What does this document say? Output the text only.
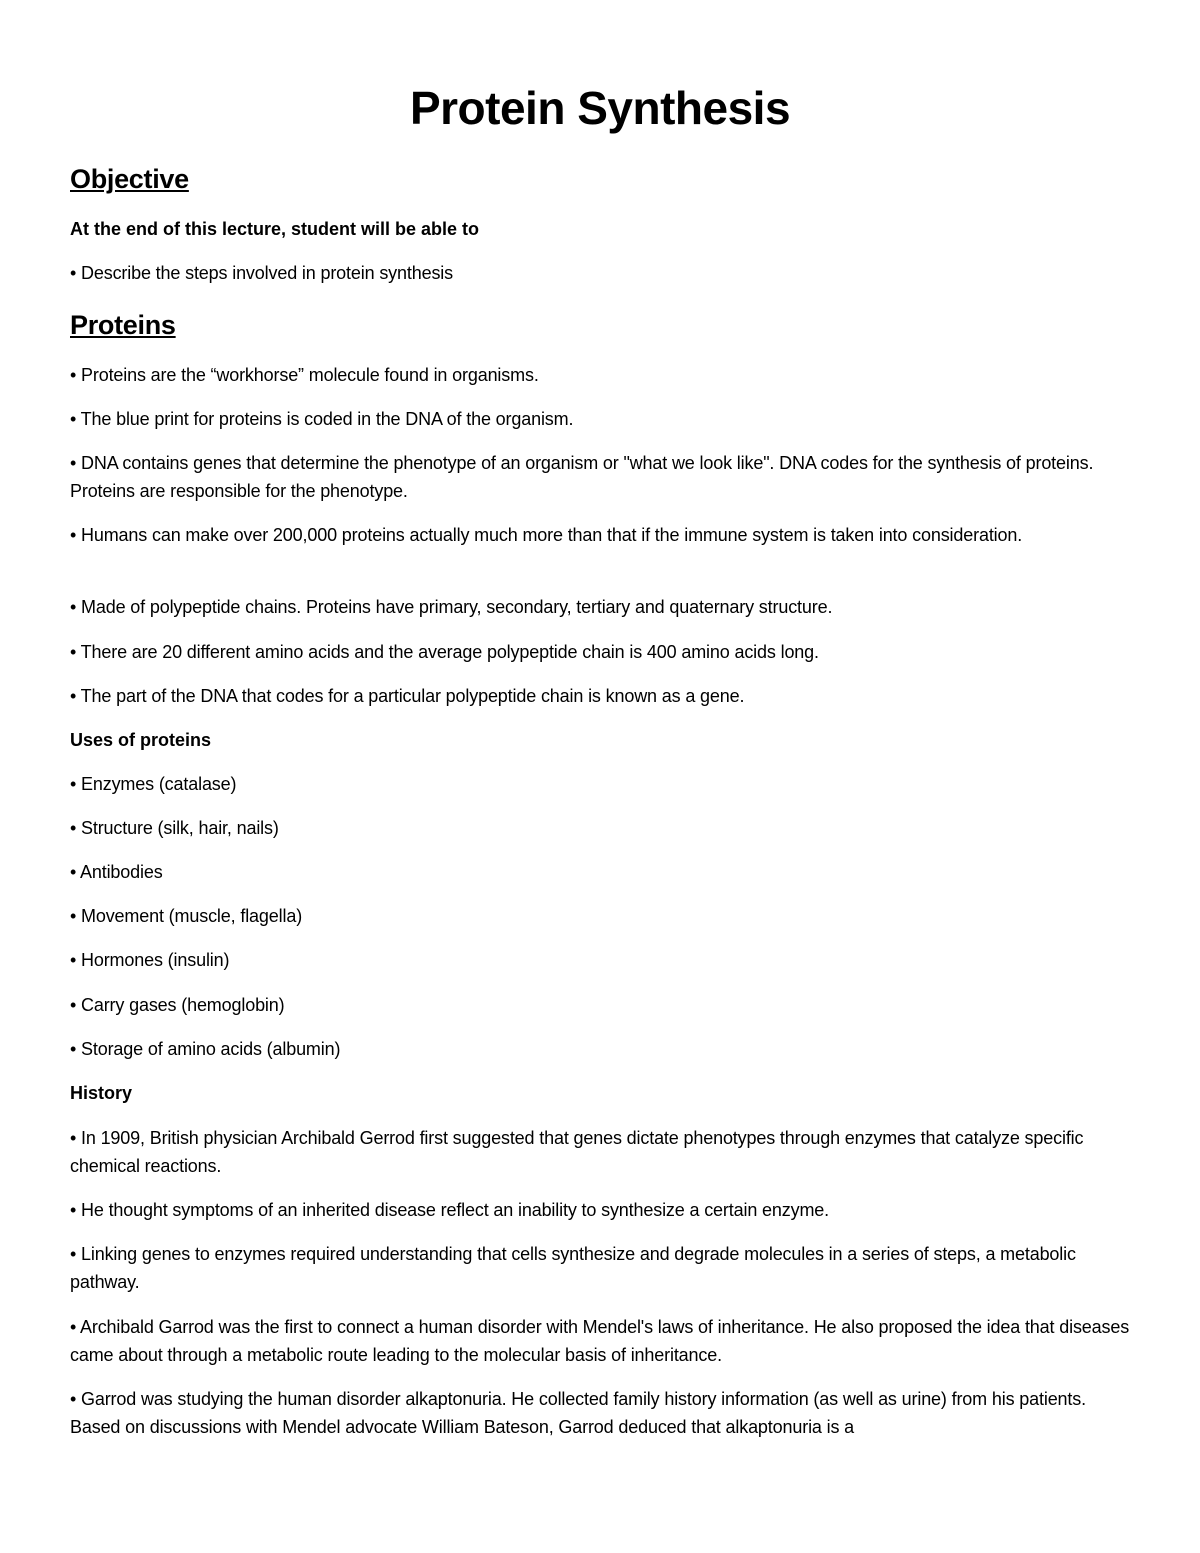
Protein Synthesis
Objective
At the end of this lecture, student will be able to
• Describe the steps involved in protein synthesis
Proteins
• Proteins are the “workhorse” molecule found in organisms.
• The blue print for proteins is coded in the DNA of the organism.
• DNA contains genes that determine the phenotype of an organism or "what we look like". DNA codes for the synthesis of proteins. Proteins are responsible for the phenotype.
• Humans can make over 200,000 proteins actually much more than that if the immune system is taken into consideration.
• Made of polypeptide chains. Proteins have primary, secondary, tertiary and quaternary structure.
• There are 20 different amino acids and the average polypeptide chain is 400 amino acids long.
• The part of the DNA that codes for a particular polypeptide chain is known as a gene.
Uses of proteins
• Enzymes (catalase)
• Structure (silk, hair, nails)
• Antibodies
• Movement (muscle, flagella)
• Hormones (insulin)
• Carry gases (hemoglobin)
• Storage of amino acids (albumin)
History
• In 1909, British physician Archibald Gerrod first suggested that genes dictate phenotypes through enzymes that catalyze specific chemical reactions.
• He thought symptoms of an inherited disease reflect an inability to synthesize a certain enzyme.
• Linking genes to enzymes required understanding that cells synthesize and degrade molecules in a series of steps, a metabolic pathway.
• Archibald Garrod was the first to connect a human disorder with Mendel's laws of inheritance. He also proposed the idea that diseases came about through a metabolic route leading to the molecular basis of inheritance.
• Garrod was studying the human disorder alkaptonuria. He collected family history information (as well as urine) from his patients. Based on discussions with Mendel advocate William Bateson, Garrod deduced that alkaptonuria is a
